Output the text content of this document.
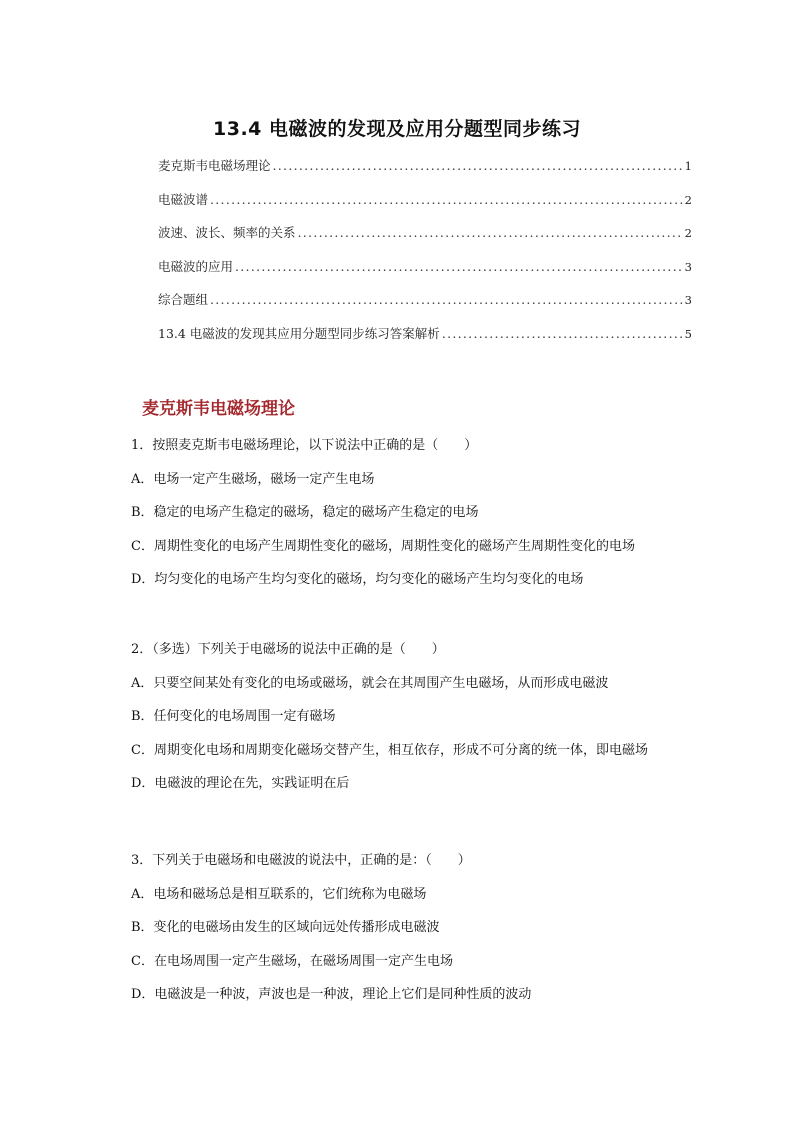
13.4 电磁波的发现及应用分题型同步练习
麦克斯韦电磁场理论 .....	1
电磁波谱 .....	2
波速、波长、频率的关系 .....	2
电磁波的应用 .....	3
综合题组 .....	3
13.4 电磁波的发现其应用分题型同步练习答案解析 .....	5
麦克斯韦电磁场理论
1．按照麦克斯韦电磁场理论，以下说法中正确的是（　　）
A．电场一定产生磁场，磁场一定产生电场
B．稳定的电场产生稳定的磁场，稳定的磁场产生稳定的电场
C．周期性变化的电场产生周期性变化的磁场，周期性变化的磁场产生周期性变化的电场
D．均匀变化的电场产生均匀变化的磁场，均匀变化的磁场产生均匀变化的电场
2．（多选）下列关于电磁场的说法中正确的是（　　）
A．只要空间某处有变化的电场或磁场，就会在其周围产生电磁场，从而形成电磁波
B．任何变化的电场周围一定有磁场
C．周期变化电场和周期变化磁场交替产生，相互依存，形成不可分离的统一体，即电磁场
D．电磁波的理论在先，实践证明在后
3．下列关于电磁场和电磁波的说法中，正确的是：（　　）
A．电场和磁场总是相互联系的，它们统称为电磁场
B．变化的电磁场由发生的区域向远处传播形成电磁波
C．在电场周围一定产生磁场，在磁场周围一定产生电场
D．电磁波是一种波，声波也是一种波，理论上它们是同种性质的波动
